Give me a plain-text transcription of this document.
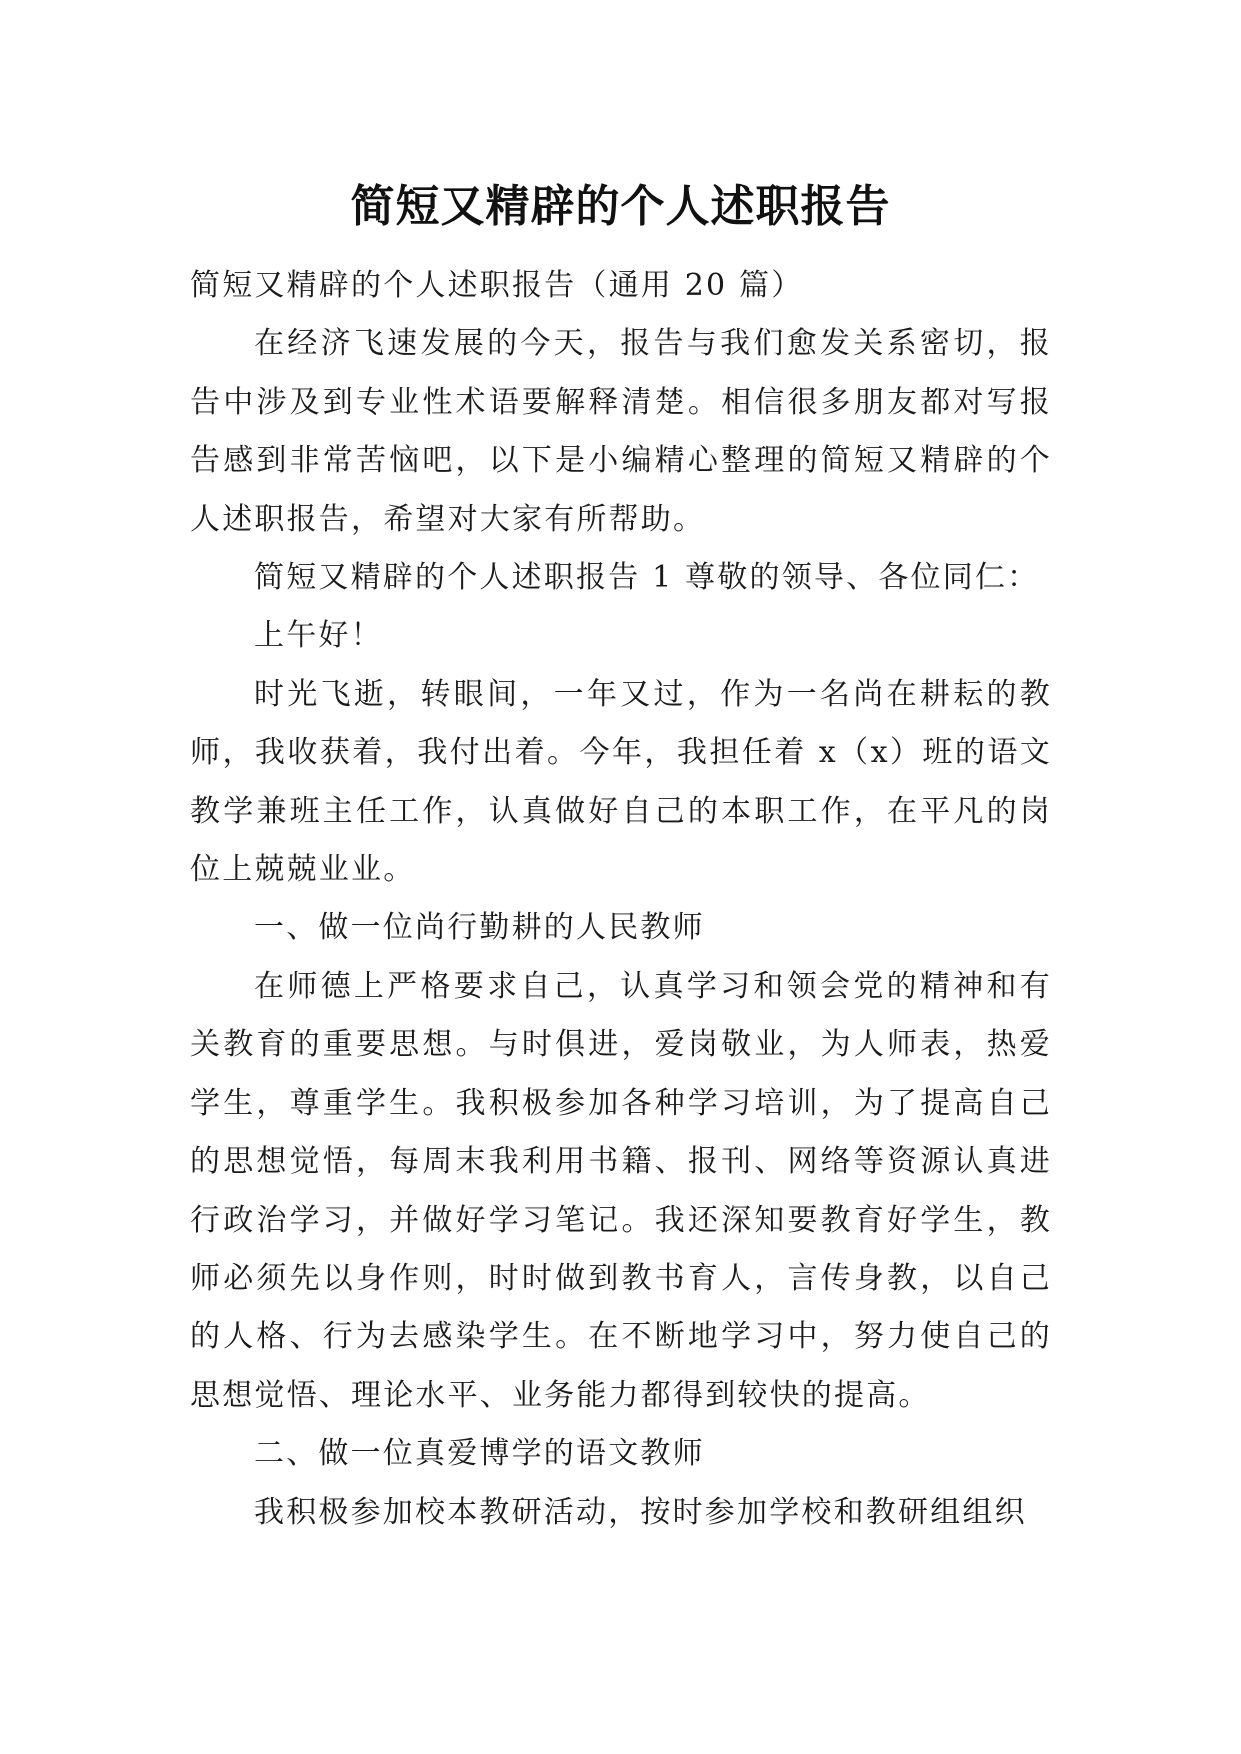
简短又精辟的个人述职报告

简短又精辟的个人述职报告（通用 20 篇）

在经济飞速发展的今天，报告与我们愈发关系密切，报告中涉及到专业性术语要解释清楚。相信很多朋友都对写报告感到非常苦恼吧，以下是小编精心整理的简短又精辟的个人述职报告，希望对大家有所帮助。

简短又精辟的个人述职报告 1 尊敬的领导、各位同仁：

上午好！

时光飞逝，转眼间，一年又过，作为一名尚在耕耘的教师，我收获着，我付出着。今年，我担任着 x（x）班的语文教学兼班主任工作，认真做好自己的本职工作，在平凡的岗位上兢兢业业。

一、做一位尚行勤耕的人民教师

在师德上严格要求自己，认真学习和领会党的精神和有关教育的重要思想。与时俱进，爱岗敬业，为人师表，热爱学生，尊重学生。我积极参加各种学习培训，为了提高自己的思想觉悟，每周末我利用书籍、报刊、网络等资源认真进行政治学习，并做好学习笔记。我还深知要教育好学生，教师必须先以身作则，时时做到教书育人，言传身教，以自己的人格、行为去感染学生。在不断地学习中，努力使自己的思想觉悟、理论水平、业务能力都得到较快的提高。

二、做一位真爱博学的语文教师

我积极参加校本教研活动，按时参加学校和教研组组织
